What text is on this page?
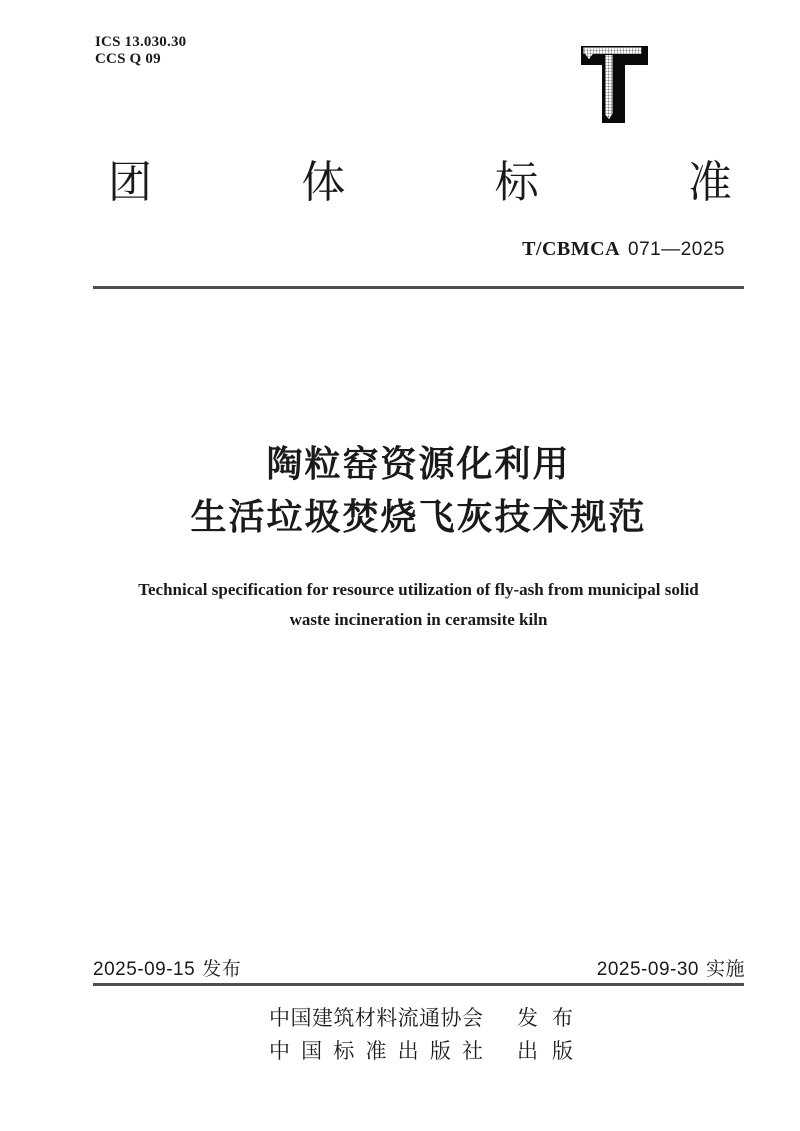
ICS 13.030.30
CCS Q 09
团	体	标	准
T/CBMCA 071—2025
陶粒窑资源化利用
生活垃圾焚烧飞灰技术规范
Technical specification for resource utilization of fly-ash from municipal solid
waste incineration in ceramsite kiln
2025-09-15 发布	2025-09-30 实施
中国建筑材料流通协会 发布
中国标准出版社 出版
